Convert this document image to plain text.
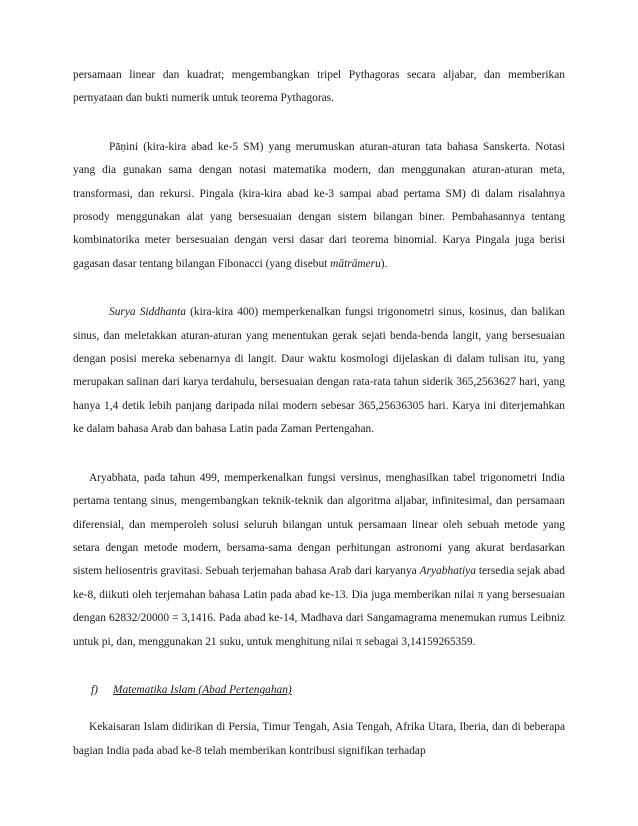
persamaan linear dan kuadrat; mengembangkan tripel Pythagoras secara aljabar, dan memberikan pernyataan dan bukti numerik untuk teorema Pythagoras.

Pāṇini (kira-kira abad ke-5 SM) yang merumuskan aturan-aturan tata bahasa Sanskerta. Notasi yang dia gunakan sama dengan notasi matematika modern, dan menggunakan aturan-aturan meta, transformasi, dan rekursi. Pingala (kira-kira abad ke-3 sampai abad pertama SM) di dalam risalahnya prosody menggunakan alat yang bersesuaian dengan sistem bilangan biner. Pembahasannya tentang kombinatorika meter bersesuaian dengan versi dasar dari teorema binomial. Karya Pingala juga berisi gagasan dasar tentang bilangan Fibonacci (yang disebut mātrāmeru).

Surya Siddhanta (kira-kira 400) memperkenalkan fungsi trigonometri sinus, kosinus, dan balikan sinus, dan meletakkan aturan-aturan yang menentukan gerak sejati benda-benda langit, yang bersesuaian dengan posisi mereka sebenarnya di langit. Daur waktu kosmologi dijelaskan di dalam tulisan itu, yang merupakan salinan dari karya terdahulu, bersesuaian dengan rata-rata tahun siderik 365,2563627 hari, yang hanya 1,4 detik lebih panjang daripada nilai modern sebesar 365,25636305 hari. Karya ini diterjemahkan ke dalam bahasa Arab dan bahasa Latin pada Zaman Pertengahan.

Aryabhata, pada tahun 499, memperkenalkan fungsi versinus, menghasilkan tabel trigonometri India pertama tentang sinus, mengembangkan teknik-teknik dan algoritma aljabar, infinitesimal, dan persamaan diferensial, dan memperoleh solusi seluruh bilangan untuk persamaan linear oleh sebuah metode yang setara dengan metode modern, bersama-sama dengan perhitungan astronomi yang akurat berdasarkan sistem heliosentris gravitasi. Sebuah terjemahan bahasa Arab dari karyanya Aryabhatiya tersedia sejak abad ke-8, diikuti oleh terjemahan bahasa Latin pada abad ke-13. Dia juga memberikan nilai π yang bersesuaian dengan 62832/20000 = 3,1416. Pada abad ke-14, Madhava dari Sangamagrama menemukan rumus Leibniz untuk pi, dan, menggunakan 21 suku, untuk menghitung nilai π sebagai 3,14159265359.

f) Matematika Islam (Abad Pertengahan)

Kekaisaran Islam didirikan di Persia, Timur Tengah, Asia Tengah, Afrika Utara, Iberia, dan di beberapa bagian India pada abad ke-8 telah memberikan kontribusi signifikan terhadap
